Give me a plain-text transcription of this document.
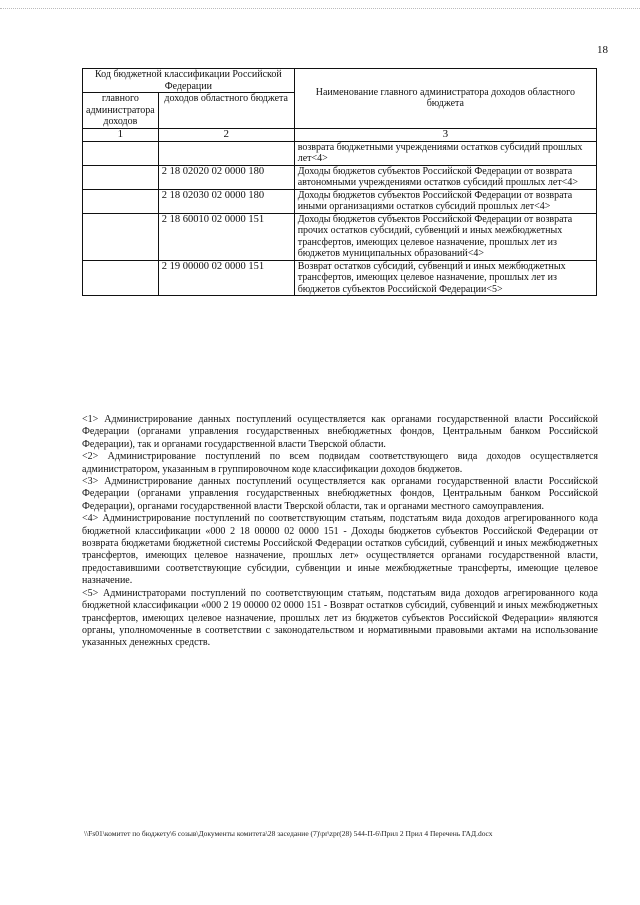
18
Код бюджетной классификации Российской Федерации		Наименование главного администратора доходов областного бюджета
главного администратора доходов	доходов областного бюджета	
1	2	3
		возврата бюджетными учреждениями остатков субсидий прошлых лет<4>
	2 18 02020 02 0000 180	Доходы бюджетов субъектов Российской Федерации от возврата автономными учреждениями остатков субсидий прошлых лет<4>
	2 18 02030 02 0000 180	Доходы бюджетов субъектов Российской Федерации от возврата иными организациями остатков субсидий прошлых лет<4>
	2 18 60010 02 0000 151	Доходы бюджетов субъектов Российской Федерации от возврата прочих остатков субсидий, субвенций и иных межбюджетных трансфертов, имеющих целевое назначение, прошлых лет из бюджетов муниципальных образований<4>
	2 19 00000 02 0000 151	Возврат остатков субсидий, субвенций и иных межбюджетных трансфертов, имеющих целевое назначение, прошлых лет из бюджетов субъектов Российской Федерации<5>

<1> Администрирование данных поступлений осуществляется как органами государственной власти Российской Федерации (органами управления государственных внебюджетных фондов, Центральным банком Российской Федерации), так и органами государственной власти Тверской области.

<2> Администрирование поступлений по всем подвидам соответствующего вида доходов осуществляется администратором, указанным в группировочном коде классификации доходов бюджетов.

<3> Администрирование данных поступлений осуществляется как органами государственной власти Российской Федерации (органами управления государственных внебюджетных фондов, Центральным банком Российской Федерации), органами государственной власти Тверской области, так и органами местного самоуправления.

<4> Администрирование поступлений по соответствующим статьям, подстатьям вида доходов агрегированного кода бюджетной классификации «000 2 18 00000 02 0000 151 - Доходы бюджетов субъектов Российской Федерации от возврата бюджетами бюджетной системы Российской Федерации остатков субсидий, субвенций и иных межбюджетных трансфертов, имеющих целевое назначение, прошлых лет» осуществляется органами государственной власти, предоставившими соответствующие субсидии, субвенции и иные межбюджетные трансферты, имеющие целевое назначение.

<5> Администраторами поступлений по соответствующим статьям, подстатьям вида доходов агрегированного кода бюджетной классификации «000 2 19 00000 02 0000 151 - Возврат остатков субсидий, субвенций и иных межбюджетных трансфертов, имеющих целевое назначение, прошлых лет из бюджетов субъектов Российской Федерации» являются органы, уполномоченные в соответствии с законодательством и нормативными правовыми актами на использование указанных денежных средств.

\\Fs01\комитет по бюджету\6 созыв\Документы комитета\28 заседание (7)\pr\zpr(28) 544-П-6\Прил 2 Прил 4 Перечень ГАД.docx
